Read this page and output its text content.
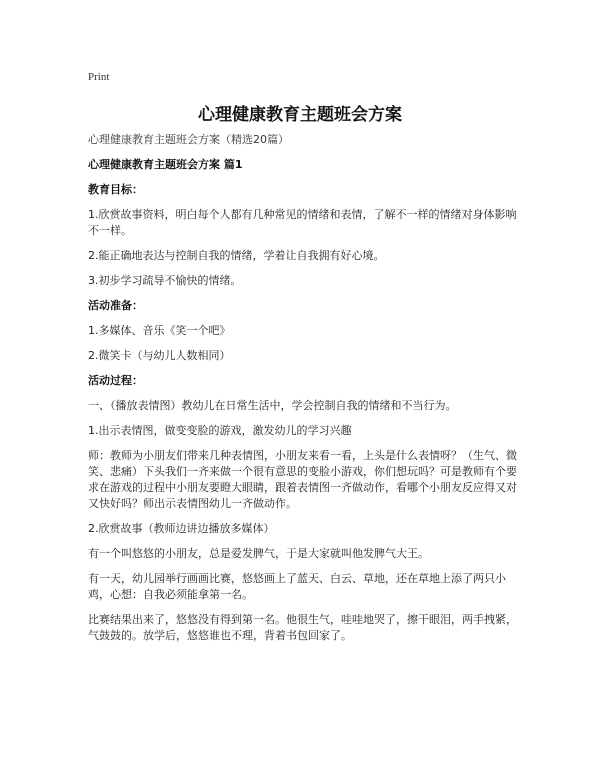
Print
心理健康教育主题班会方案

心理健康教育主题班会方案（精选20篇）

心理健康教育主题班会方案 篇1

教育目标：

1.欣赏故事资料，明白每个人都有几种常见的情绪和表情，了解不一样的情绪对身体影响不一样。

2.能正确地表达与控制自我的情绪，学着让自我拥有好心境。

3.初步学习疏导不愉快的情绪。

活动准备：

1.多媒体、音乐《笑一个吧》

2.微笑卡（与幼儿人数相同）

活动过程：

一、（播放表情图）教幼儿在日常生活中，学会控制自我的情绪和不当行为。

1.出示表情图，做变变脸的游戏，激发幼儿的学习兴趣

师：教师为小朋友们带来几种表情图，小朋友来看一看，上头是什么表情呀？（生气、微笑、悲痛）下头我们一齐来做一个很有意思的变脸小游戏，你们想玩吗？可是教师有个要求在游戏的过程中小朋友要瞪大眼睛，跟着表情图一齐做动作，看哪个小朋友反应得又对又快好吗？师出示表情图幼儿一齐做动作。

2.欣赏故事（教师边讲边播放多媒体）

有一个叫悠悠的小朋友，总是爱发脾气，于是大家就叫他发脾气大王。

有一天，幼儿园举行画画比赛，悠悠画上了蓝天、白云、草地，还在草地上添了两只小鸡，心想：自我必须能拿第一名。

比赛结果出来了，悠悠没有得到第一名。他很生气，哇哇地哭了，擦干眼泪，两手拽紧，气鼓鼓的。放学后，悠悠谁也不理，背着书包回家了。
